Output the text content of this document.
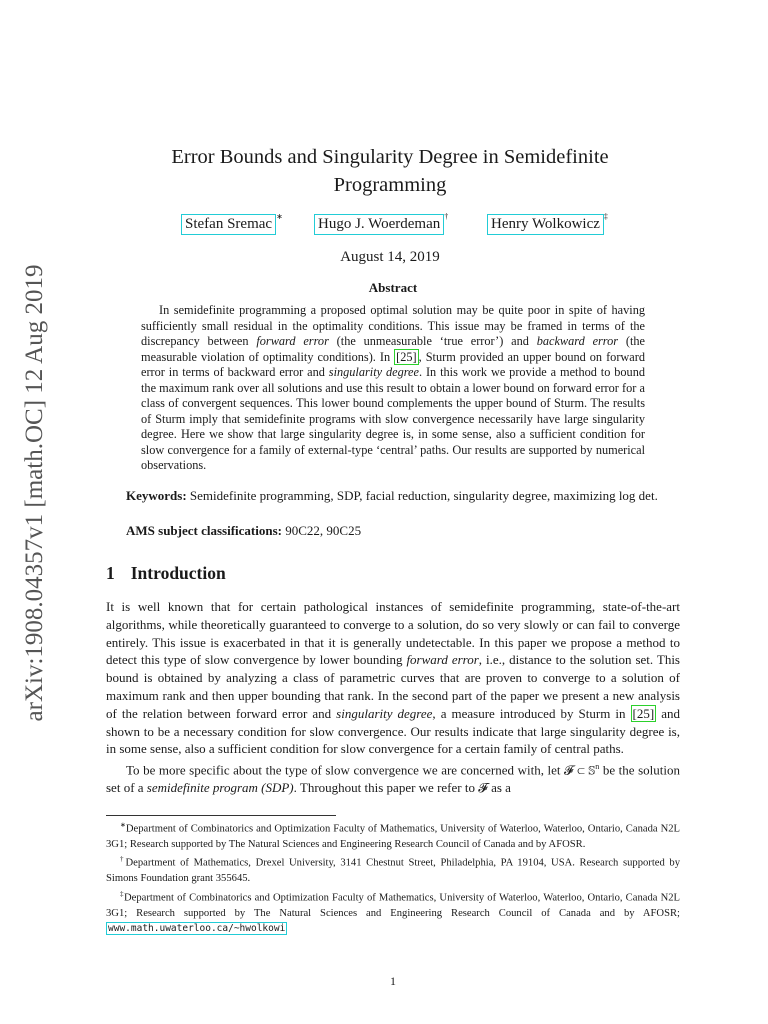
arXiv:1908.04357v1 [math.OC] 12 Aug 2019
Error Bounds and Singularity Degree in Semidefinite
Programming
Stefan Sremac ∗ Hugo J. Woerdeman †	Henry Wolkowicz ‡
August 14, 2019
Abstract
In semidefinite programming a proposed optimal solution may be quite poor in spite of having sufficiently small residual in the optimality conditions. This issue may be framed in terms of the discrepancy between forward error (the unmeasurable ‘true error’) and backward error (the measurable violation of optimality conditions). In [25] , Sturm provided an upper bound on forward error in terms of backward error and singularity degree. In this work we provide a method to bound the maximum rank over all solutions and use this result to obtain a lower bound on forward error for a class of convergent sequences. This lower bound complements the upper bound of Sturm. The results of Sturm imply that semidefinite programs with slow convergence necessarily have large singularity degree. Here we show that large singularity degree is, in some sense, also a sufficient condition for slow convergence for a family of external-type ‘central’ paths. Our results are supported by numerical observations.
Keywords: Semidefinite programming, SDP, facial reduction, singularity degree, maximizing log det.
AMS subject classifications: 90C22, 90C25
1 Introduction

It is well known that for certain pathological instances of semidefinite programming, state-of-the-art algorithms, while theoretically guaranteed to converge to a solution, do so very slowly or can fail to converge entirely. This issue is exacerbated in that it is generally undetectable. In this paper we propose a method to detect this type of slow convergence by lower bounding forward error, i.e., distance to the solution set. This bound is obtained by analyzing a class of parametric curves that are proven to converge to a solution of maximum rank and then upper bounding that rank. In the second part of the paper we present a new analysis of the relation between forward error and singularity degree, a measure introduced by Sturm in [25] and shown to be a necessary condition for slow convergence. Our results indicate that large singularity degree is, in some sense, also a sufficient condition for slow convergence for a certain family of central paths.

To be more specific about the type of slow convergence we are concerned with, let 𝓕 ⊂ 𝕊$^n$ be the solution set of a semidefinite program (SDP). Throughout this paper we refer to 𝓕 as a

∗Department of Combinatorics and Optimization Faculty of Mathematics, University of Waterloo, Waterloo, Ontario, Canada N2L 3G1; Research supported by The Natural Sciences and Engineering Research Council of Canada and by AFOSR.

†Department of Mathematics, Drexel University, 3141 Chestnut Street, Philadelphia, PA 19104, USA. Research supported by Simons Foundation grant 355645.

‡Department of Combinatorics and Optimization Faculty of Mathematics, University of Waterloo, Waterloo, Ontario, Canada N2L 3G1; Research supported by The Natural Sciences and Engineering Research Council of Canada and by AFOSR; www.math.uwaterloo.ca/~hwolkowi

1
